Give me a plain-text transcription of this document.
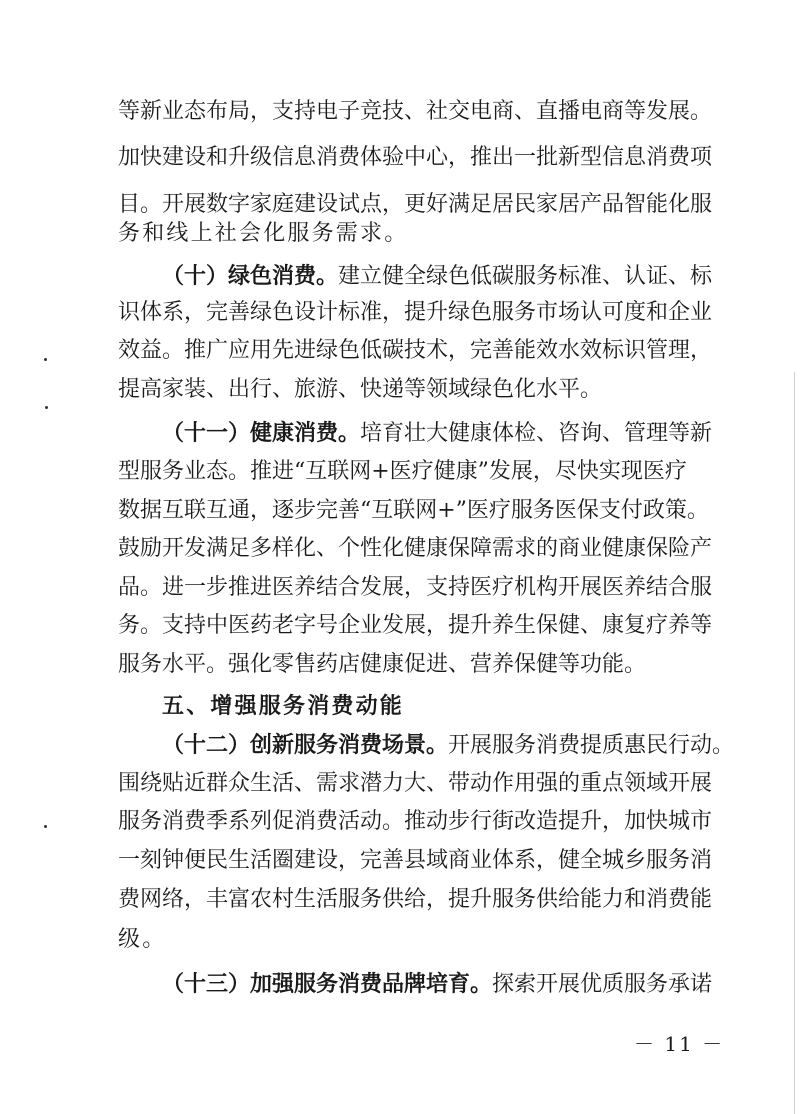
等新业态布局，支持电子竞技、社交电商、直播电商等发展。
加快建设和升级信息消费体验中心，推出一批新型信息消费项
目。开展数字家庭建设试点，更好满足居民家居产品智能化服
务和线上社会化服务需求。
（十）绿色消费。建立健全绿色低碳服务标准、认证、标
识体系，完善绿色设计标准，提升绿色服务市场认可度和企业
效益。推广应用先进绿色低碳技术，完善能效水效标识管理，
提高家装、出行、旅游、快递等领域绿色化水平。
（十一）健康消费。培育壮大健康体检、咨询、管理等新
型服务业态。推进“互联网+医疗健康”发展，尽快实现医疗
数据互联互通，逐步完善“互联网+”医疗服务医保支付政策。
鼓励开发满足多样化、个性化健康保障需求的商业健康保险产
品。进一步推进医养结合发展，支持医疗机构开展医养结合服
务。支持中医药老字号企业发展，提升养生保健、康复疗养等
服务水平。强化零售药店健康促进、营养保健等功能。
五、增强服务消费动能
（十二）创新服务消费场景。开展服务消费提质惠民行动。
围绕贴近群众生活、需求潜力大、带动作用强的重点领域开展
服务消费季系列促消费活动。推动步行街改造提升，加快城市
一刻钟便民生活圈建设，完善县域商业体系，健全城乡服务消
费网络，丰富农村生活服务供给，提升服务供给能力和消费能
级。
（十三）加强服务消费品牌培育。探索开展优质服务承诺
－ 11 －
